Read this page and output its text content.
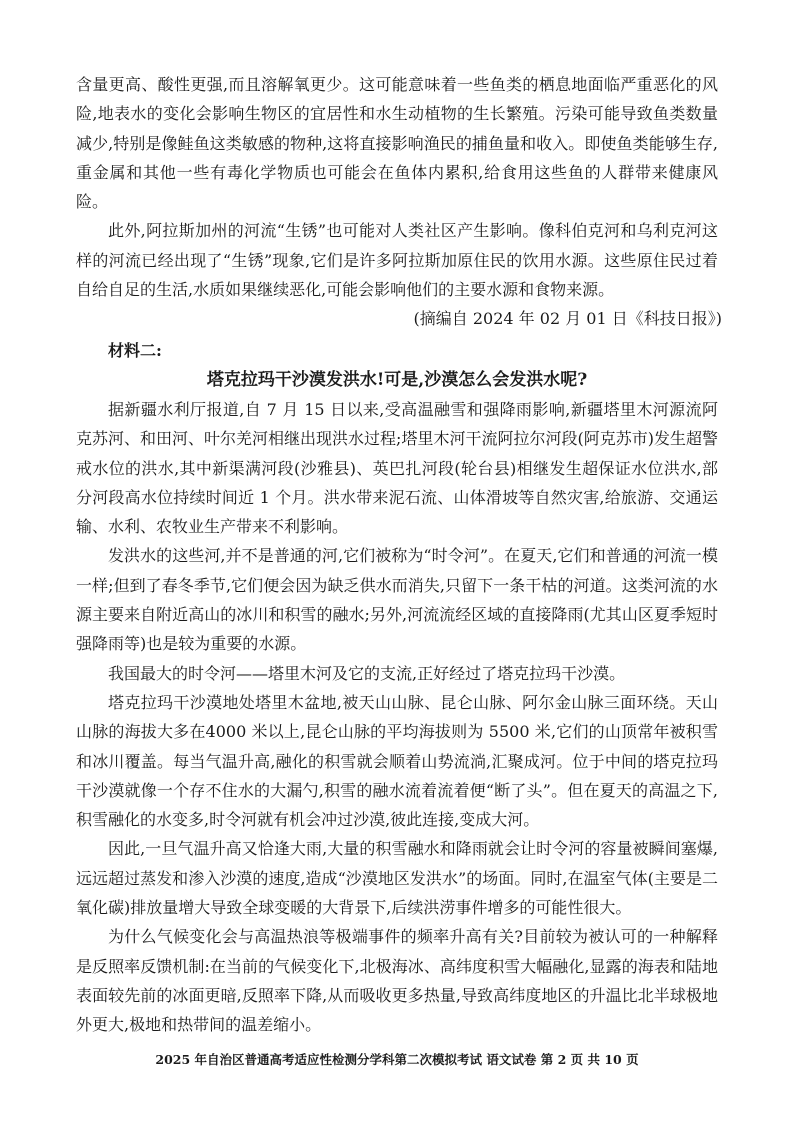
含量更高、酸性更强,而且溶解氧更少。这可能意味着一些鱼类的栖息地面临严重恶化的风险,地表水的变化会影响生物区的宜居性和水生动植物的生长繁殖。污染可能导致鱼类数量减少,特别是像鲑鱼这类敏感的物种,这将直接影响渔民的捕鱼量和收入。即使鱼类能够生存,重金属和其他一些有毒化学物质也可能会在鱼体内累积,给食用这些鱼的人群带来健康风险。

此外,阿拉斯加州的河流“生锈”也可能对人类社区产生影响。像科伯克河和乌利克河这样的河流已经出现了“生锈”现象,它们是许多阿拉斯加原住民的饮用水源。这些原住民过着自给自足的生活,水质如果继续恶化,可能会影响他们的主要水源和食物来源。

(摘编自 2024 年 02 月 01 日《科技日报》)

材料二:

塔克拉玛干沙漠发洪水!可是,沙漠怎么会发洪水呢?

据新疆水利厅报道,自 7 月 15 日以来,受高温融雪和强降雨影响,新疆塔里木河源流阿克苏河、和田河、叶尔羌河相继出现洪水过程;塔里木河干流阿拉尔河段(阿克苏市)发生超警戒水位的洪水,其中新渠满河段(沙雅县)、英巴扎河段(轮台县)相继发生超保证水位洪水,部分河段高水位持续时间近 1 个月。洪水带来泥石流、山体滑坡等自然灾害,给旅游、交通运输、水利、农牧业生产带来不利影响。

发洪水的这些河,并不是普通的河,它们被称为“时令河”。在夏天,它们和普通的河流一模一样;但到了春冬季节,它们便会因为缺乏供水而消失,只留下一条干枯的河道。这类河流的水源主要来自附近高山的冰川和积雪的融水;另外,河流流经区域的直接降雨(尤其山区夏季短时强降雨等)也是较为重要的水源。

我国最大的时令河——塔里木河及它的支流,正好经过了塔克拉玛干沙漠。

塔克拉玛干沙漠地处塔里木盆地,被天山山脉、昆仑山脉、阿尔金山脉三面环绕。天山山脉的海拔大多在4000 米以上,昆仑山脉的平均海拔则为 5500 米,它们的山顶常年被积雪和冰川覆盖。每当气温升高,融化的积雪就会顺着山势流淌,汇聚成河。位于中间的塔克拉玛干沙漠就像一个存不住水的大漏勺,积雪的融水流着流着便“断了头”。但在夏天的高温之下,积雪融化的水变多,时令河就有机会冲过沙漠,彼此连接,变成大河。

因此,一旦气温升高又恰逢大雨,大量的积雪融水和降雨就会让时令河的容量被瞬间塞爆,远远超过蒸发和渗入沙漠的速度,造成“沙漠地区发洪水”的场面。同时,在温室气体(主要是二氧化碳)排放量增大导致全球变暖的大背景下,后续洪涝事件增多的可能性很大。

为什么气候变化会与高温热浪等极端事件的频率升高有关?目前较为被认可的一种解释是反照率反馈机制:在当前的气候变化下,北极海冰、高纬度积雪大幅融化,显露的海表和陆地表面较先前的冰面更暗,反照率下降,从而吸收更多热量,导致高纬度地区的升温比北半球极地外更大,极地和热带间的温差缩小。

2025 年自治区普通高考适应性检测分学科第二次模拟考试 语文试卷 第 2 页 共 10 页
